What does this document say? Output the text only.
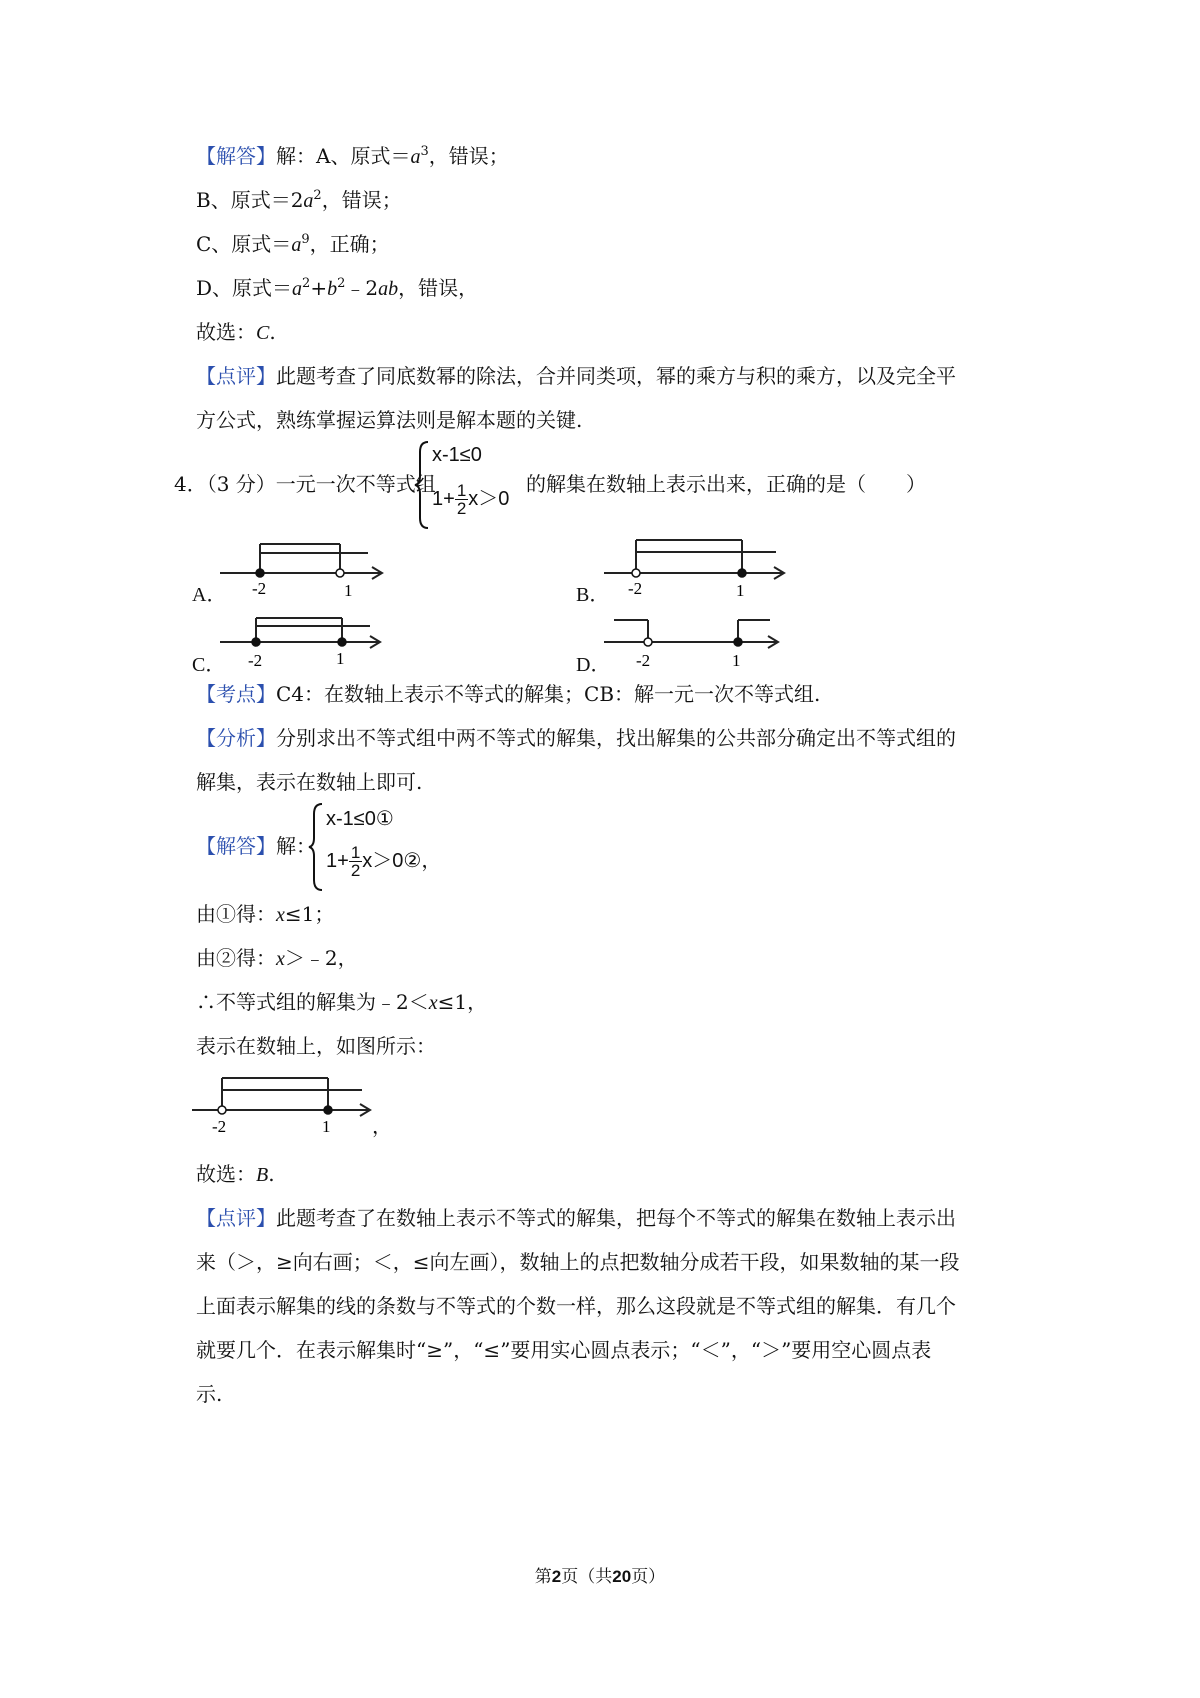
【解答】解：A、原式$=a^3$，错误；
B、原式$=2a^2$，错误；
C、原式$=a^9$，正确；
D、原式$=a^2+b^2﹣2ab$，错误，
故选：C.
【点评】此题考查了同底数幂的除法，合并同类项，幂的乘方与积的乘方，以及完全平
方公式，熟练掌握运算法则是解本题的关键.
4．（3 分）一元一次不等式组
x-1≤0
$1+ \frac{1}{2} x>0$
的解集在数轴上表示出来，正确的是（　　）
A． -2	1	B． -2	1
C． -2	1	D． -2	1
【考点】C4：在数轴上表示不等式的解集；CB：解一元一次不等式组.
【分析】分别求出不等式组中两不等式的解集，找出解集的公共部分确定出不等式组的
解集，表示在数轴上即可.
【解答】解：
x-1≤0①
$1+ \frac{1}{2}$ x＞0②，
由①得：x≤1；
由②得：x＞﹣2，
∴不等式组的解集为﹣2＜x≤1，
表示在数轴上，如图所示：
-2	1 ，
故选：B.
【点评】此题考查了在数轴上表示不等式的解集，把每个不等式的解集在数轴上表示出
来（＞，≥向右画；＜，≤向左画），数轴上的点把数轴分成若干段，如果数轴的某一段
上面表示解集的线的条数与不等式的个数一样，那么这段就是不等式组的解集．有几个
就要几个．在表示解集时“≥”，“≤”要用实心圆点表示；“＜”，“＞”要用空心圆点表
示.
第2页（共20页）
